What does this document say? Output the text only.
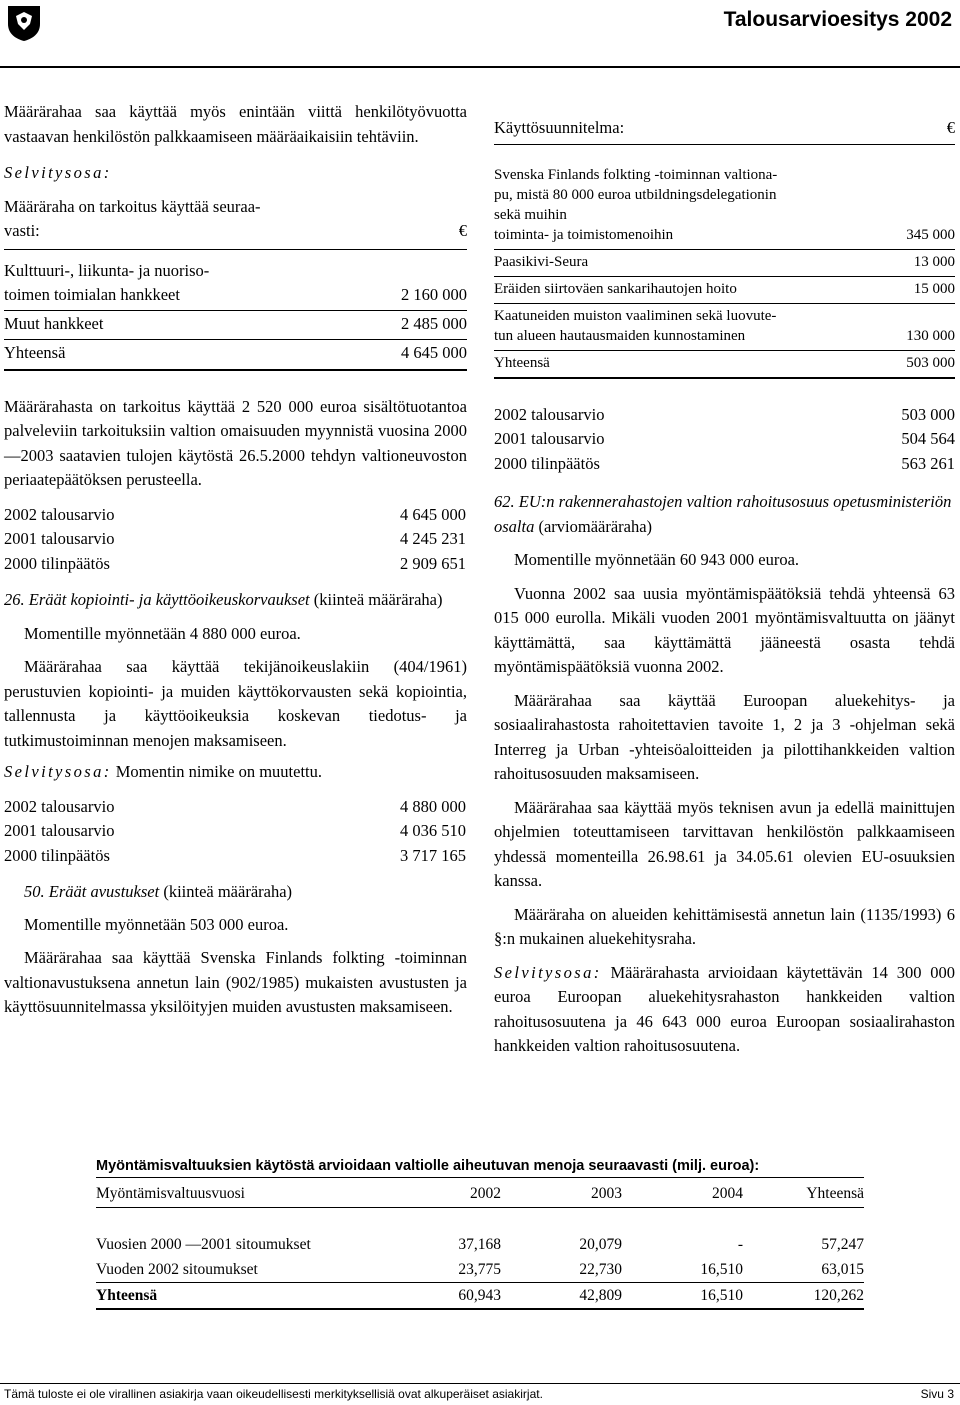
Talousarvioesitys 2002

Määrärahaa saa käyttää myös enintään viittä henkilötyövuotta vastaavan henkilöstön palkkaamiseen määräaikaisiin tehtäviin.

Selvitysosa:
Määräraha on tarkoitus käyttää seuraa-
vasti:	€
Kulttuuri-, liikunta- ja nuoriso-
toimen toimialan hankkeet	2 160 000
Muut hankkeet	2 485 000
Yhteensä	4 645 000

Määrärahasta on tarkoitus käyttää 2 520 000 euroa sisältötuotantoa palveleviin tarkoituksiin valtion omaisuuden myynnistä vuosina 2000 —2003 saatavien tulojen käytöstä 26.5.2000 tehdyn valtioneuvoston periaatepäätöksen perusteella.

2002 talousarvio	4 645 000
2001 talousarvio	4 245 231
2000 tilinpäätös	2 909 651

26. Eräät kopiointi- ja käyttöoikeuskorvaukset (kiinteä määräraha)

Momentille myönnetään 4 880 000 euroa.

Määrärahaa saa käyttää tekijänoikeuslakiin (404/1961) perustuvien kopiointi- ja muiden käyttökorvausten sekä kopiointia, tallennusta ja käyttöoikeuksia koskevan tiedotus- ja tutkimustoiminnan menojen maksamiseen.

Selvitysosa: Momentin nimike on muutettu.

2002 talousarvio	4 880 000
2001 talousarvio	4 036 510
2000 tilinpäätös	3 717 165

50. Eräät avustukset (kiinteä määräraha)

Momentille myönnetään 503 000 euroa.

Määrärahaa saa käyttää Svenska Finlands folkting -toiminnan valtionavustuksena annetun lain (902/1985) mukaisten avustusten ja käyttösuunnitelmassa yksilöityjen muiden avustusten maksamiseen.

Käyttösuunnitelma:	€
Svenska Finlands folkting -toiminnan valtiona-
pu, mistä 80 000 euroa utbildningsdelegationin
sekä muihin
toiminta- ja toimistomenoihin	345 000
Paasikivi-Seura	13 000
Eräiden siirtoväen sankarihautojen hoito	15 000
Kaatuneiden muiston vaaliminen sekä luovute-
tun alueen hautausmaiden kunnostaminen	130 000
Yhteensä	503 000
2002 talousarvio	503 000
2001 talousarvio	504 564
2000 tilinpäätös	563 261

62. EU:n rakennerahastojen valtion rahoitusosuus opetusministeriön osalta (arviomääräraha)

Momentille myönnetään 60 943 000 euroa.

Vuonna 2002 saa uusia myöntämispäätöksiä tehdä yhteensä 63 015 000 eurolla. Mikäli vuoden 2001 myöntämisvaltuutta on jäänyt käyttämättä, saa käyttämättä jääneestä osasta tehdä myöntämispäätöksiä vuonna 2002.

Määrärahaa saa käyttää Euroopan aluekehitys- ja sosiaalirahastosta rahoitettavien tavoite 1, 2 ja 3 -ohjelman sekä Interreg ja Urban -yhteisöaloitteiden ja pilottihankkeiden valtion rahoitusosuuden maksamiseen.

Määrärahaa saa käyttää myös teknisen avun ja edellä mainittujen ohjelmien toteuttamiseen tarvittavan henkilöstön palkkaamiseen yhdessä momenteilla 26.98.61 ja 34.05.61 olevien EU-osuuksien kanssa.

Määräraha on alueiden kehittämisestä annetun lain (1135/1993) 6 §:n mukainen aluekehitysraha.

Selvitysosa: Määrärahasta arvioidaan käytettävän 14 300 000 euroa Euroopan aluekehitysrahaston hankkeiden valtion rahoitusosuutena ja 46 643 000 euroa Euroopan sosiaalirahaston hankkeiden valtion rahoitusosuutena.

Myöntämisvaltuuksien käytöstä arvioidaan valtiolle aiheutuvan menoja seuraavasti (milj. euroa):
Myöntämisvaltuusvuosi	2002	2003	2004	Yhteensä
Vuosien 2000 —2001 sitoumukset	37,168	20,079	-	57,247
Vuoden 2002 sitoumukset	23,775	22,730	16,510	63,015
Yhteensä	60,943	42,809	16,510	120,262
Tämä tuloste ei ole virallinen asiakirja vaan oikeudellisesti merkityksellisiä ovat alkuperäiset asiakirjat.	Sivu 3
